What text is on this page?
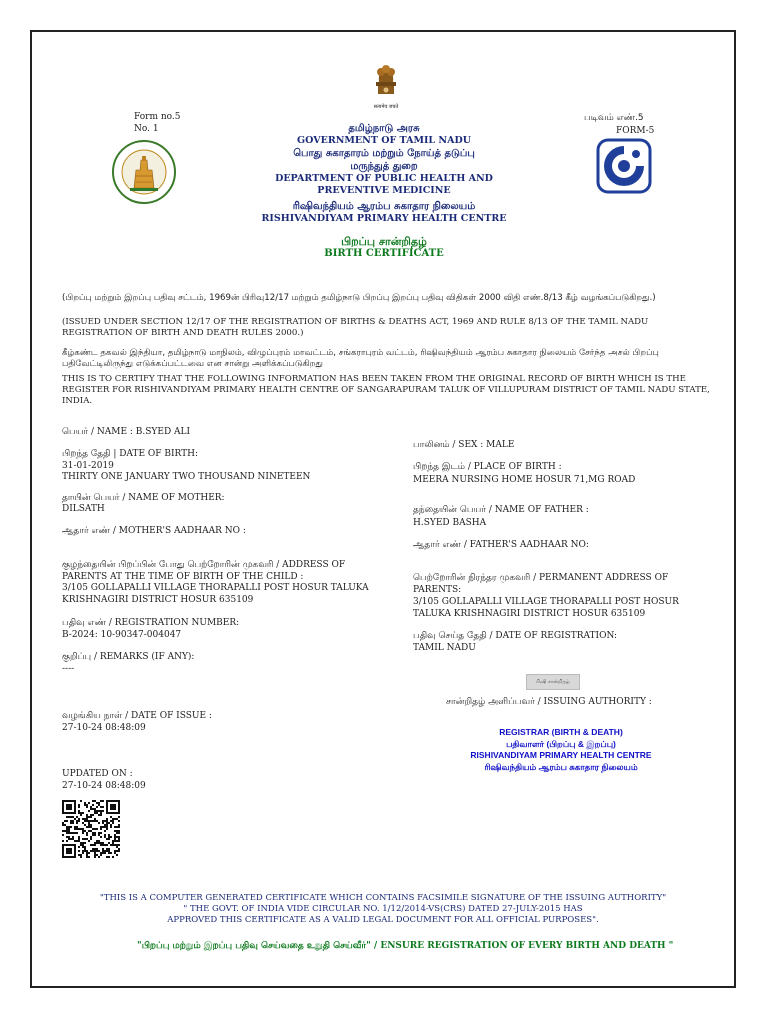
सत्यमेव जयते
Form no.5
No. 1	தமிழ்நாடு அரசு
GOVERNMENT OF TAMIL NADU
பொது சுகாதாரம் மற்றும் நோய்த் தடுப்பு
மருந்துத் துறை
DEPARTMENT OF PUBLIC HEALTH AND
PREVENTIVE MEDICINE
ரிஷிவந்தியம் ஆரம்ப சுகாதார நிலையம்
RISHIVANDIYAM PRIMARY HEALTH CENTRE
பிறப்பு சான்றிதழ்
BIRTH CERTIFICATE
படிவம் எண்.5
FORM-5
(பிறப்பு மற்றும் இறப்பு பதிவு சட்டம், 1969ன் பிரிவு12/17 மற்றும் தமிழ்நாடு பிறப்பு இறப்பு பதிவு விதிகள் 2000 விதி எண்.8/13 கீழ் வழங்கப்படுகிறது.)
(ISSUED UNDER SECTION 12/17 OF THE REGISTRATION OF BIRTHS & DEATHS ACT, 1969 AND RULE 8/13 OF THE TAMIL NADU REGISTRATION OF BIRTH AND DEATH RULES 2000.)
கீழ்கண்ட தகவல் இந்தியா, தமிழ்நாடு மாநிலம், விழுப்புரம் மாவட்டம், சங்கராபுரம் வட்டம், ரிஷிவந்தியம் ஆரம்ப சுகாதார நிலையம் சேர்ந்த அசல் பிறப்பு பதிவேட்டிலிருந்து எடுக்கப்பட்டவை என சான்று அளிக்கப்படுகிறது
THIS IS TO CERTIFY THAT THE FOLLOWING INFORMATION HAS BEEN TAKEN FROM THE ORIGINAL RECORD OF BIRTH WHICH IS THE REGISTER FOR RISHIVANDIYAM PRIMARY HEALTH CENTRE OF SANGARAPURAM TALUK OF VILLUPURAM DISTRICT OF TAMIL NADU STATE, INDIA.
பெயர் / NAME : B.SYED ALI
பிறந்த தேதி | DATE OF BIRTH:
31-01-2019
THIRTY ONE JANUARY TWO THOUSAND NINETEEN
தாயின் பெயர் / NAME OF MOTHER:
DILSATH
ஆதார் எண் / MOTHER'S AADHAAR NO :
குழந்தையின் பிறப்பின் போது பெற்றோரின் முகவரி / ADDRESS OF
PARENTS AT THE TIME OF BIRTH OF THE CHILD :
3/105 GOLLAPALLI VILLAGE THORAPALLI POST HOSUR TALUKA
KRISHNAGIRI DISTRICT HOSUR 635109
பதிவு எண் / REGISTRATION NUMBER:
B-2024: 10-90347-004047
குறிப்பு / REMARKS (IF ANY):
----
வழங்கிய நாள் / DATE OF ISSUE :
27-10-24 08:48:09
UPDATED ON :
27-10-24 08:48:09
பாலினம் / SEX : MALE
பிறந்த இடம் / PLACE OF BIRTH :
MEERA NURSING HOME HOSUR 71,MG ROAD
தந்தையின் பெயர் / NAME OF FATHER :
H.SYED BASHA
ஆதார் எண் / FATHER'S AADHAAR NO:
பெற்றோரின் நிரந்தர முகவரி / PERMANENT ADDRESS OF
PARENTS:
3/105 GOLLAPALLI VILLAGE THORAPALLI POST HOSUR
TALUKA KRISHNAGIRI DISTRICT HOSUR 635109
பதிவு செய்த தேதி / DATE OF REGISTRATION:
TAMIL NADU
ரிஷி சான்றிதழ்
சான்றிதழ் அளிப்பவர் / ISSUING AUTHORITY :
REGISTRAR (BIRTH & DEATH)
பதிவாளர் (பிறப்பு & இறப்பு)
RISHIVANDIYAM PRIMARY HEALTH CENTRE
ரிஷிவந்தியம் ஆரம்ப சுகாதார நிலையம்
"THIS IS A COMPUTER GENERATED CERTIFICATE WHICH CONTAINS FACSIMILE SIGNATURE OF THE ISSUING AUTHORITY"
" THE GOVT. OF INDIA VIDE CIRCULAR NO. 1/12/2014-VS(CRS) DATED 27-JULY-2015 HAS
APPROVED THIS CERTIFICATE AS A VALID LEGAL DOCUMENT FOR ALL OFFICIAL PURPOSES".
"பிறப்பு மற்றும் இறப்பு பதிவு செய்வதை உறுதி செய்வீர்" / ENSURE REGISTRATION OF EVERY BIRTH AND DEATH "
